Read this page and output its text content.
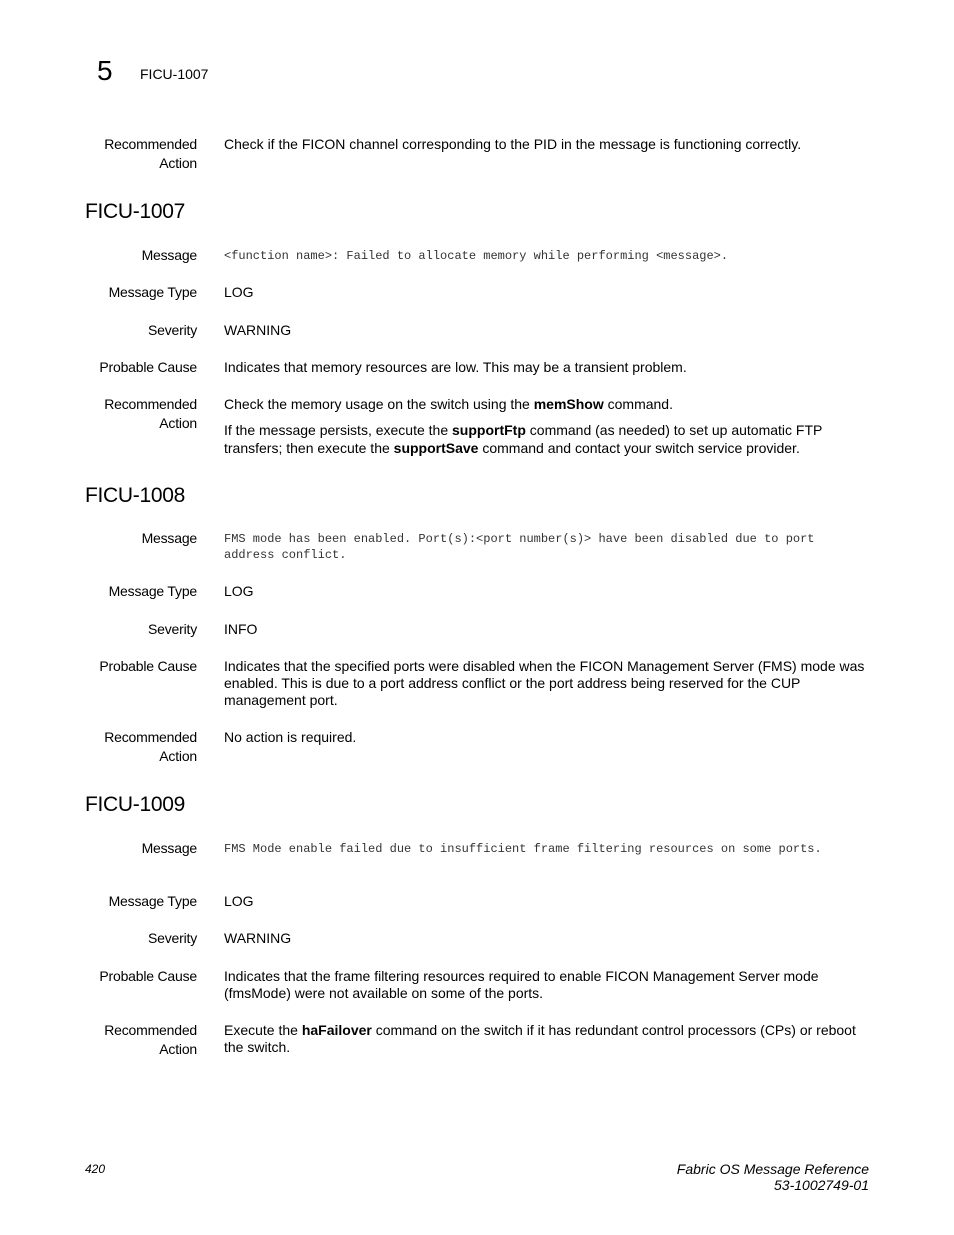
5 FICU-1007
Recommended
Action
Check if the FICON channel corresponding to the PID in the message is functioning correctly.
FICU-1007
Message <function name>: Failed to allocate memory while performing <message>.
Message Type LOG
Severity WARNING
Probable Cause Indicates that memory resources are low. This may be a transient problem.
Recommended
Action
Check the memory usage on the switch using the memShow command.
If the message persists, execute the supportFtp command (as needed) to set up automatic FTP transfers; then execute the supportSave command and contact your switch service provider.
FICU-1008
Message FMS mode has been enabled. Port(s):<port number(s)> have been disabled due to port address conflict.
Message Type LOG
Severity INFO
Probable Cause Indicates that the specified ports were disabled when the FICON Management Server (FMS) mode was enabled. This is due to a port address conflict or the port address being reserved for the CUP management port.
Recommended
Action
No action is required.
FICU-1009
Message FMS Mode enable failed due to insufficient frame filtering resources on some ports.
Message Type LOG
Severity WARNING
Probable Cause Indicates that the frame filtering resources required to enable FICON Management Server mode (fmsMode) were not available on some of the ports.
Recommended
Action
Execute the haFailover command on the switch if it has redundant control processors (CPs) or reboot the switch.
420	Fabric OS Message Reference
53-1002749-01
